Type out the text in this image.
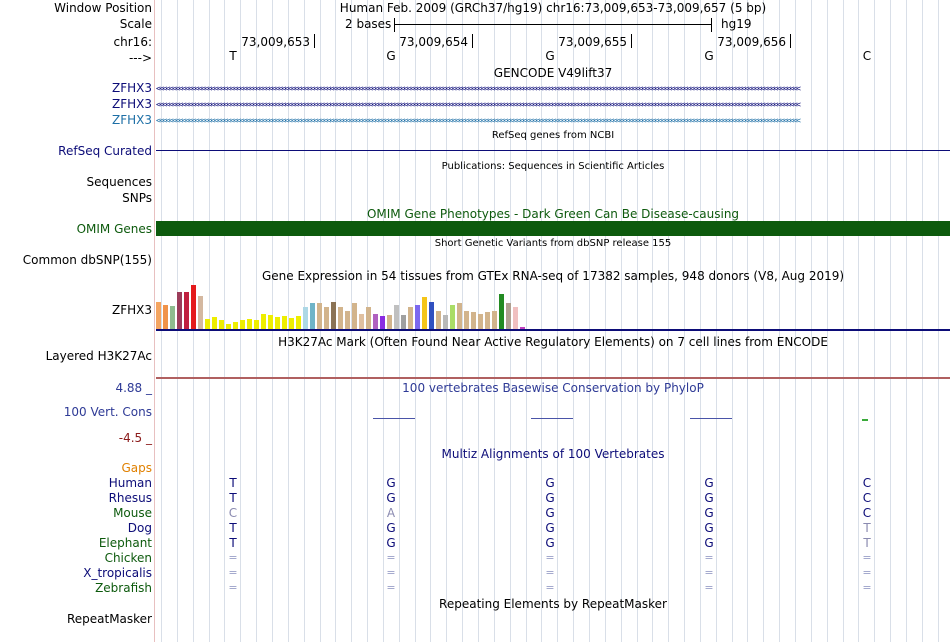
Window Position
Scale
chr16:
--->
Human Feb. 2009 (GRCh37/hg19) chr16:73,009,653-73,009,657 (5 bp)
2 bases	hg19
73,009,653	73,009,654	73,009,655	73,009,656
T	G	G	G	C
GENCODE V49lift37
ZFHX3 <<<<<<<<<<<<<<<<<<<<<<<<<<<<<<<<<<<<<<<<<<<<<<<<<<<<<<<<<<<<<<<<<<<<<<<<<<<<<<<<<<<<<<<<<<<<<<<<<<<<<<<<<<<<<<<<<<<<<<<<<<<<<<<<<<<<<<<<<<<<<<<<<<<<<<<<<<<<<<<<<<<<<<<<<<<<<<<<<<<<<<<<<<<<<<<<<<<<<<<<
ZFHX3 <<<<<<<<<<<<<<<<<<<<<<<<<<<<<<<<<<<<<<<<<<<<<<<<<<<<<<<<<<<<<<<<<<<<<<<<<<<<<<<<<<<<<<<<<<<<<<<<<<<<<<<<<<<<<<<<<<<<<<<<<<<<<<<<<<<<<<<<<<<<<<<<<<<<<<<<<<<<<<<<<<<<<<<<<<<<<<<<<<<<<<<<<<<<<<<<<<<<<<<<
ZFHX3 <<<<<<<<<<<<<<<<<<<<<<<<<<<<<<<<<<<<<<<<<<<<<<<<<<<<<<<<<<<<<<<<<<<<<<<<<<<<<<<<<<<<<<<<<<<<<<<<<<<<<<<<<<<<<<<<<<<<<<<<<<<<<<<<<<<<<<<<<<<<<<<<<<<<<<<<<<<<<<<<<<<<<<<<<<<<<<<<<<<<<<<<<<<<<<<<<<<<<<<<
RefSeq genes from NCBI
RefSeq Curated
Publications: Sequences in Scientific Articles
Sequences
SNPs
OMIM Gene Phenotypes - Dark Green Can Be Disease-causing
OMIM Genes
Short Genetic Variants from dbSNP release 155
Common dbSNP(155)
Gene Expression in 54 tissues from GTEx RNA-seq of 17382 samples, 948 donors (V8, Aug 2019)
ZFHX3
H3K27Ac Mark (Often Found Near Active Regulatory Elements) on 7 cell lines from ENCODE
Layered H3K27Ac
100 vertebrates Basewise Conservation by PhyloP
4.88 _
100 Vert. Cons
-4.5 _
Multiz Alignments of 100 Vertebrates
Gaps
Human	T	G	G	G	C
Rhesus	T	G	G	G	C
Mouse	C	A	G	G	C
Dog	T	G	G	G	T
Elephant	T	G	G	G	T
Chicken	=	=	=	=	=
X_tropicalis	=	=	=	=	=
Zebrafish	=	=	=	=	=
Repeating Elements by RepeatMasker
RepeatMasker
